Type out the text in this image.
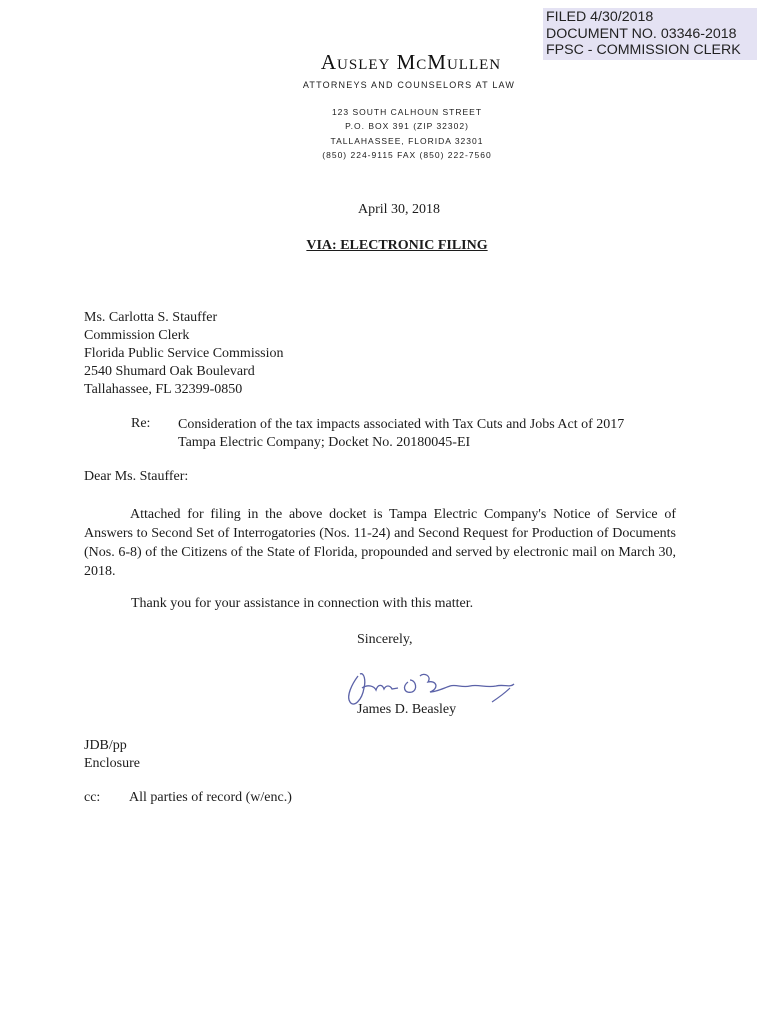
FILED 4/30/2018
DOCUMENT NO. 03346-2018
FPSC - COMMISSION CLERK
Ausley McMullen
ATTORNEYS AND COUNSELORS AT LAW
123 SOUTH CALHOUN STREET
P.O. BOX 391 (ZIP 32302)
TALLAHASSEE, FLORIDA 32301
(850) 224-9115 FAX (850) 222-7560
April 30, 2018
VIA: ELECTRONIC FILING
Ms. Carlotta S. Stauffer
Commission Clerk
Florida Public Service Commission
2540 Shumard Oak Boulevard
Tallahassee, FL 32399-0850
Re: Consideration of the tax impacts associated with Tax Cuts and Jobs Act of 2017
Tampa Electric Company; Docket No. 20180045-EI
Dear Ms. Stauffer:
Attached for filing in the above docket is Tampa Electric Company's Notice of Service of Answers to Second Set of Interrogatories (Nos. 11-24) and Second Request for Production of Documents (Nos. 6-8) of the Citizens of the State of Florida, propounded and served by electronic mail on March 30, 2018.
Thank you for your assistance in connection with this matter.
Sincerely,
James D. Beasley
JDB/pp
Enclosure
cc: All parties of record (w/enc.)
